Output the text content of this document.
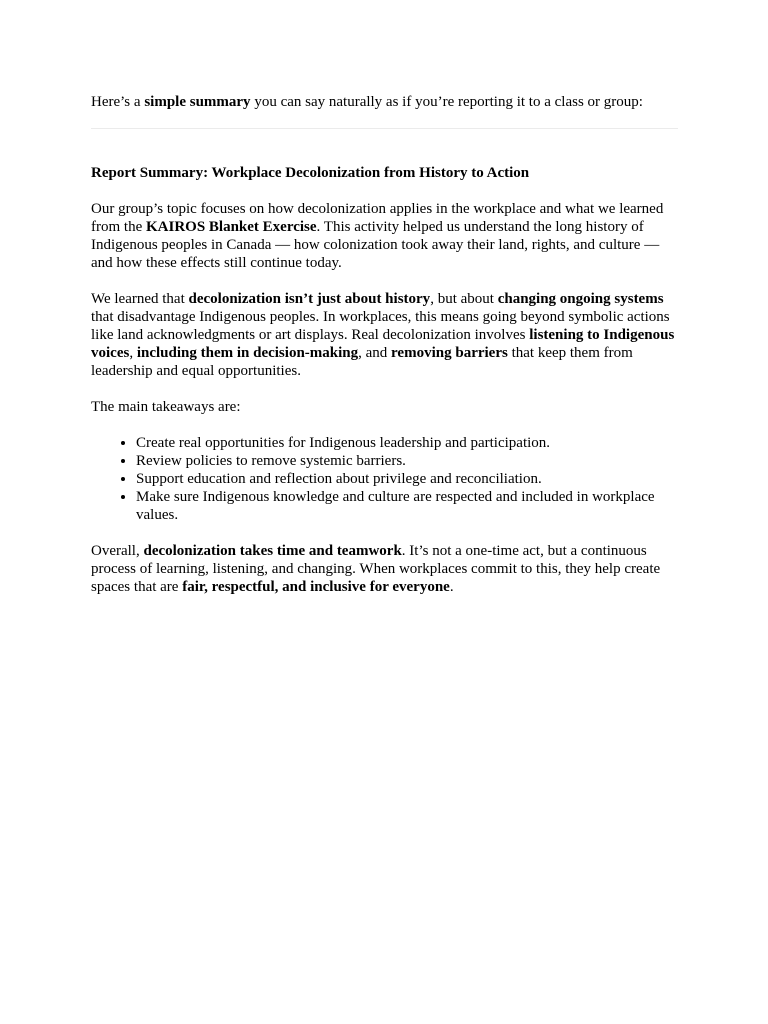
Here’s a simple summary you can say naturally as if you’re reporting it to a class or group:

Report Summary: Workplace Decolonization from History to Action

Our group’s topic focuses on how decolonization applies in the workplace and what we learned from the KAIROS Blanket Exercise. This activity helped us understand the long history of Indigenous peoples in Canada — how colonization took away their land, rights, and culture — and how these effects still continue today.

We learned that decolonization isn’t just about history, but about changing ongoing systems that disadvantage Indigenous peoples. In workplaces, this means going beyond symbolic actions like land acknowledgments or art displays. Real decolonization involves listening to Indigenous voices, including them in decision-making, and removing barriers that keep them from leadership and equal opportunities.

The main takeaways are:

• Create real opportunities for Indigenous leadership and participation.
• Review policies to remove systemic barriers.
• Support education and reflection about privilege and reconciliation.
• Make sure Indigenous knowledge and culture are respected and included in workplace values.

Overall, decolonization takes time and teamwork. It’s not a one-time act, but a continuous process of learning, listening, and changing. When workplaces commit to this, they help create spaces that are fair, respectful, and inclusive for everyone.
